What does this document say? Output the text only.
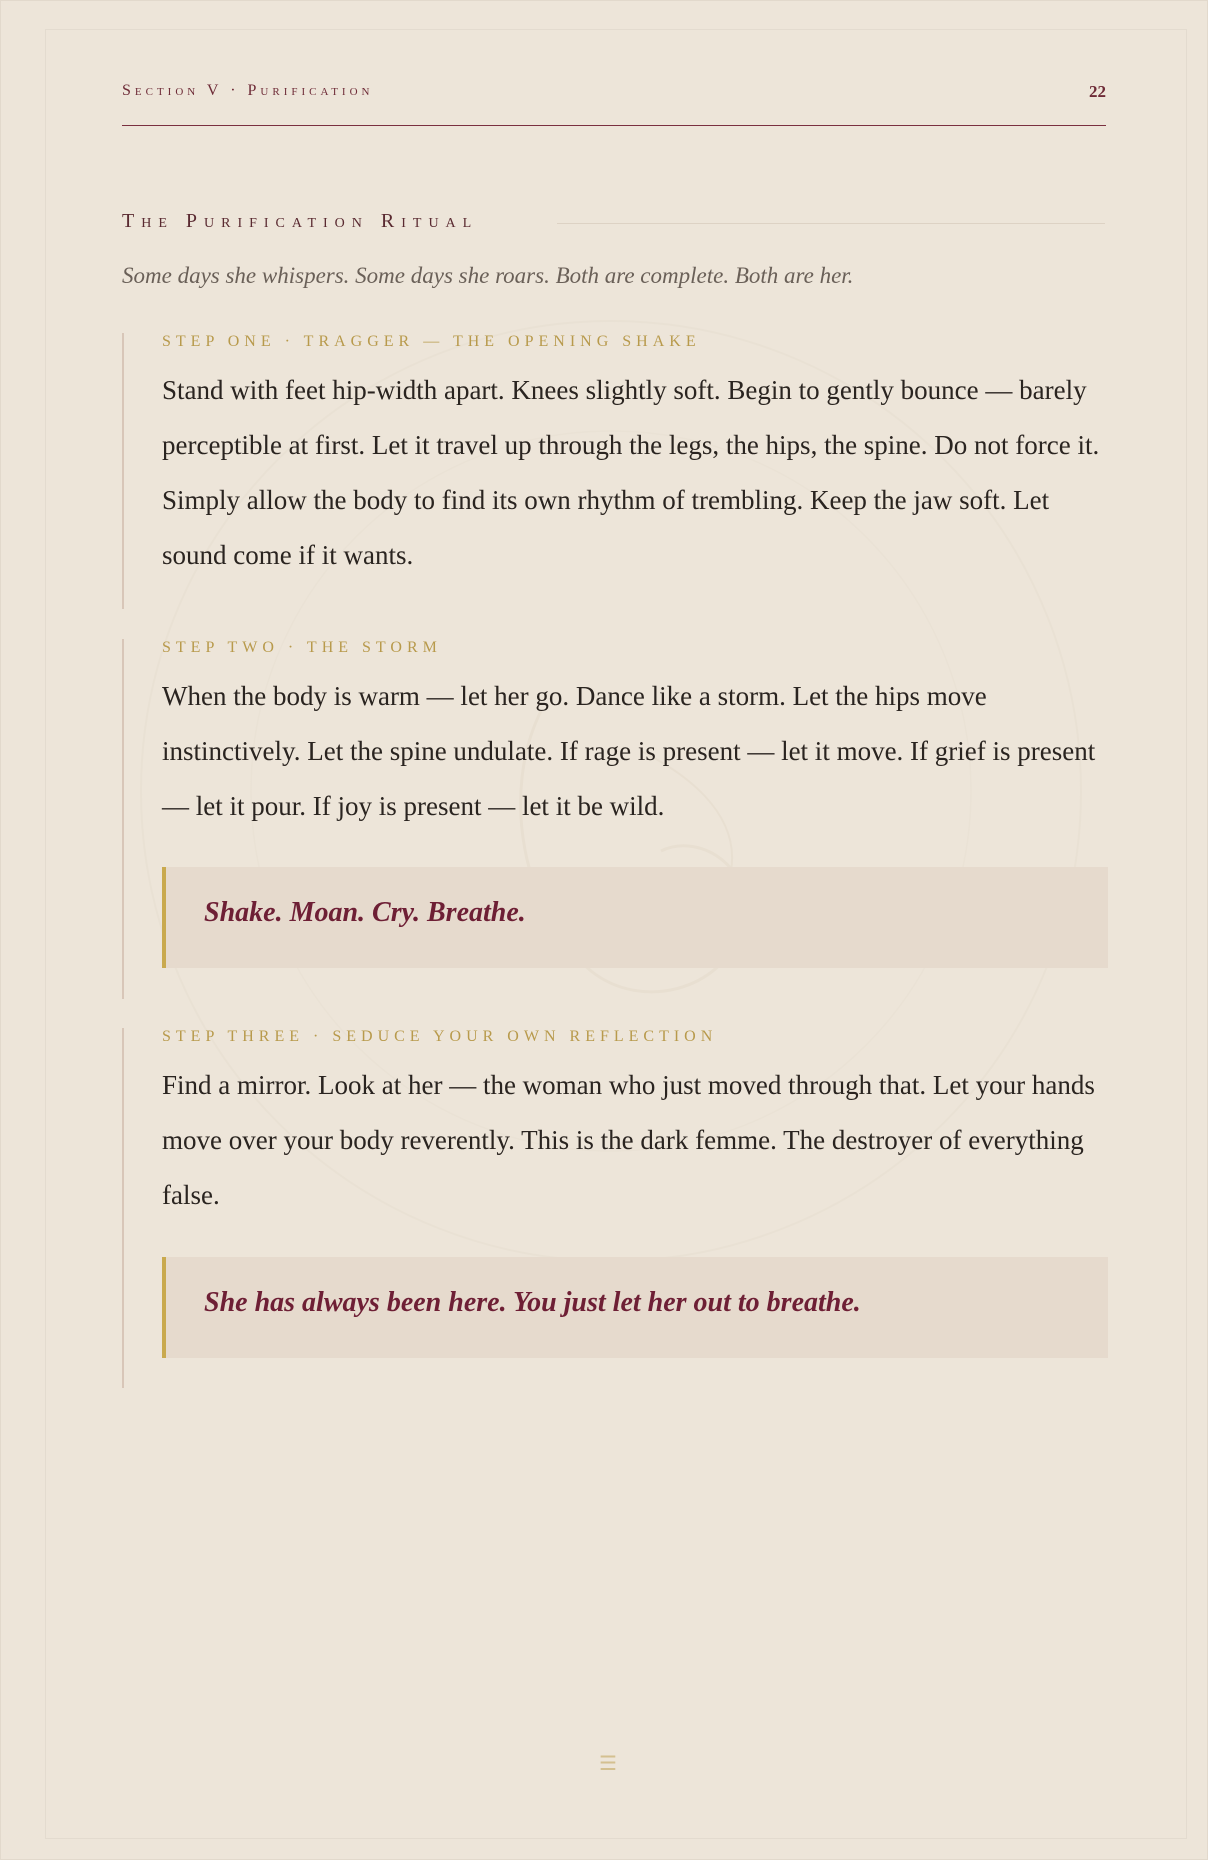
Section V · Purification	22
The Purification Ritual
Some days she whispers. Some days she roars. Both are complete. Both are her.
STEP ONE · TRAGGER — THE OPENING SHAKE
Stand with feet hip-width apart. Knees slightly soft. Begin to gently bounce — barely perceptible at first. Let it travel up through the legs, the hips, the spine. Do not force it. Simply allow the body to find its own rhythm of trembling. Keep the jaw soft. Let sound come if it wants.
STEP TWO · THE STORM
When the body is warm — let her go. Dance like a storm. Let the hips move instinctively. Let the spine undulate. If rage is present — let it move. If grief is present — let it pour. If joy is present — let it be wild.
Shake. Moan. Cry. Breathe.
STEP THREE · SEDUCE YOUR OWN REFLECTION
Find a mirror. Look at her — the woman who just moved through that. Let your hands move over your body reverently. This is the dark femme. The destroyer of everything false.
She has always been here. You just let her out to breathe.
☰
